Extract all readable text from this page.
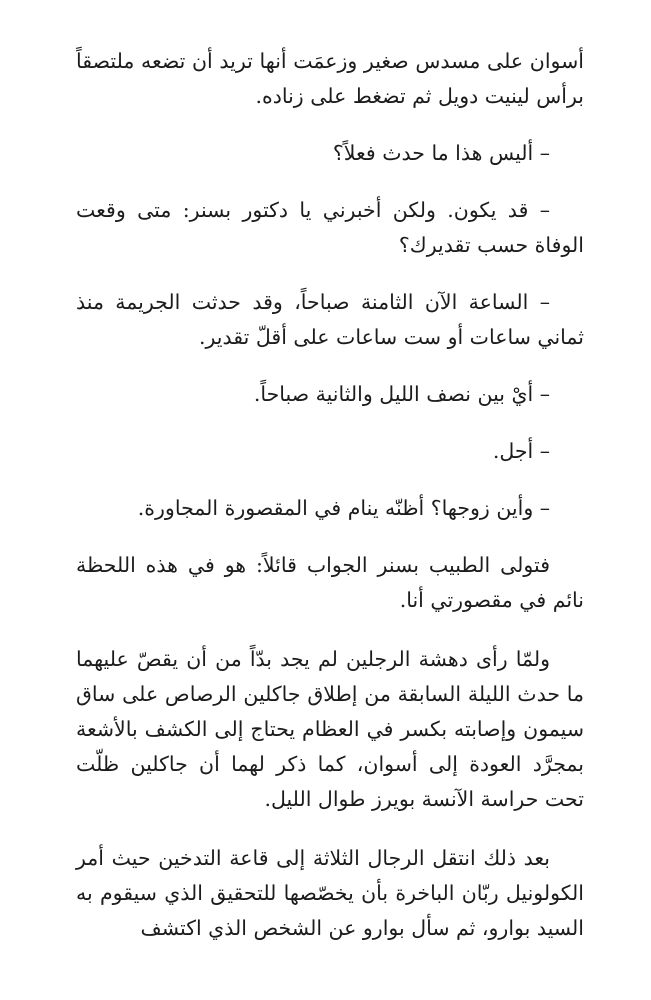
أسوان على مسدس صغير وزعمَت أنها تريد أن تضعه ملتصقاً برأس لينيت دويل ثم تضغط على زناده.

– أليس هذا ما حدث فعلاً؟

– قد يكون. ولكن أخبرني يا دكتور بسنر: متى وقعت الوفاة حسب تقديرك؟

– الساعة الآن الثامنة صباحاً، وقد حدثت الجريمة منذ ثماني ساعات أو ست ساعات على أقلّ تقدير.

– أيْ بين نصف الليل والثانية صباحاً.

– أجل.

– وأين زوجها؟ أظنّه ينام في المقصورة المجاورة.

فتولى الطبيب بسنر الجواب قائلاً: هو في هذه اللحظة نائم في مقصورتي أنا.

ولمّا رأى دهشة الرجلين لم يجد بدّاً من أن يقصّ عليهما ما حدث الليلة السابقة من إطلاق جاكلين الرصاص على ساق سيمون وإصابته بكسر في العظام يحتاج إلى الكشف بالأشعة بمجرَّد العودة إلى أسوان، كما ذكر لهما أن جاكلين ظلّت تحت حراسة الآنسة بويرز طوال الليل.

بعد ذلك انتقل الرجال الثلاثة إلى قاعة التدخين حيث أمر الكولونيل ربّان الباخرة بأن يخصّصها للتحقيق الذي سيقوم به السيد بوارو، ثم سأل بوارو عن الشخص الذي اكتشف
